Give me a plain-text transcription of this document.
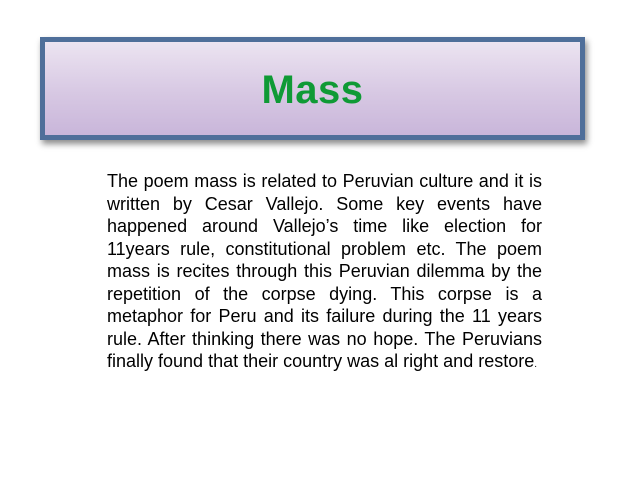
Mass

The poem mass is related to Peruvian culture and it is written by Cesar Vallejo. Some key events have happened around Vallejo’s time like election for 11years rule, constitutional problem etc. The poem mass is recites through this Peruvian dilemma by the repetition of the corpse dying. This corpse is a metaphor for Peru and its failure during the 11 years rule. After thinking there was no hope. The Peruvians finally found that their country was al right and restore.
